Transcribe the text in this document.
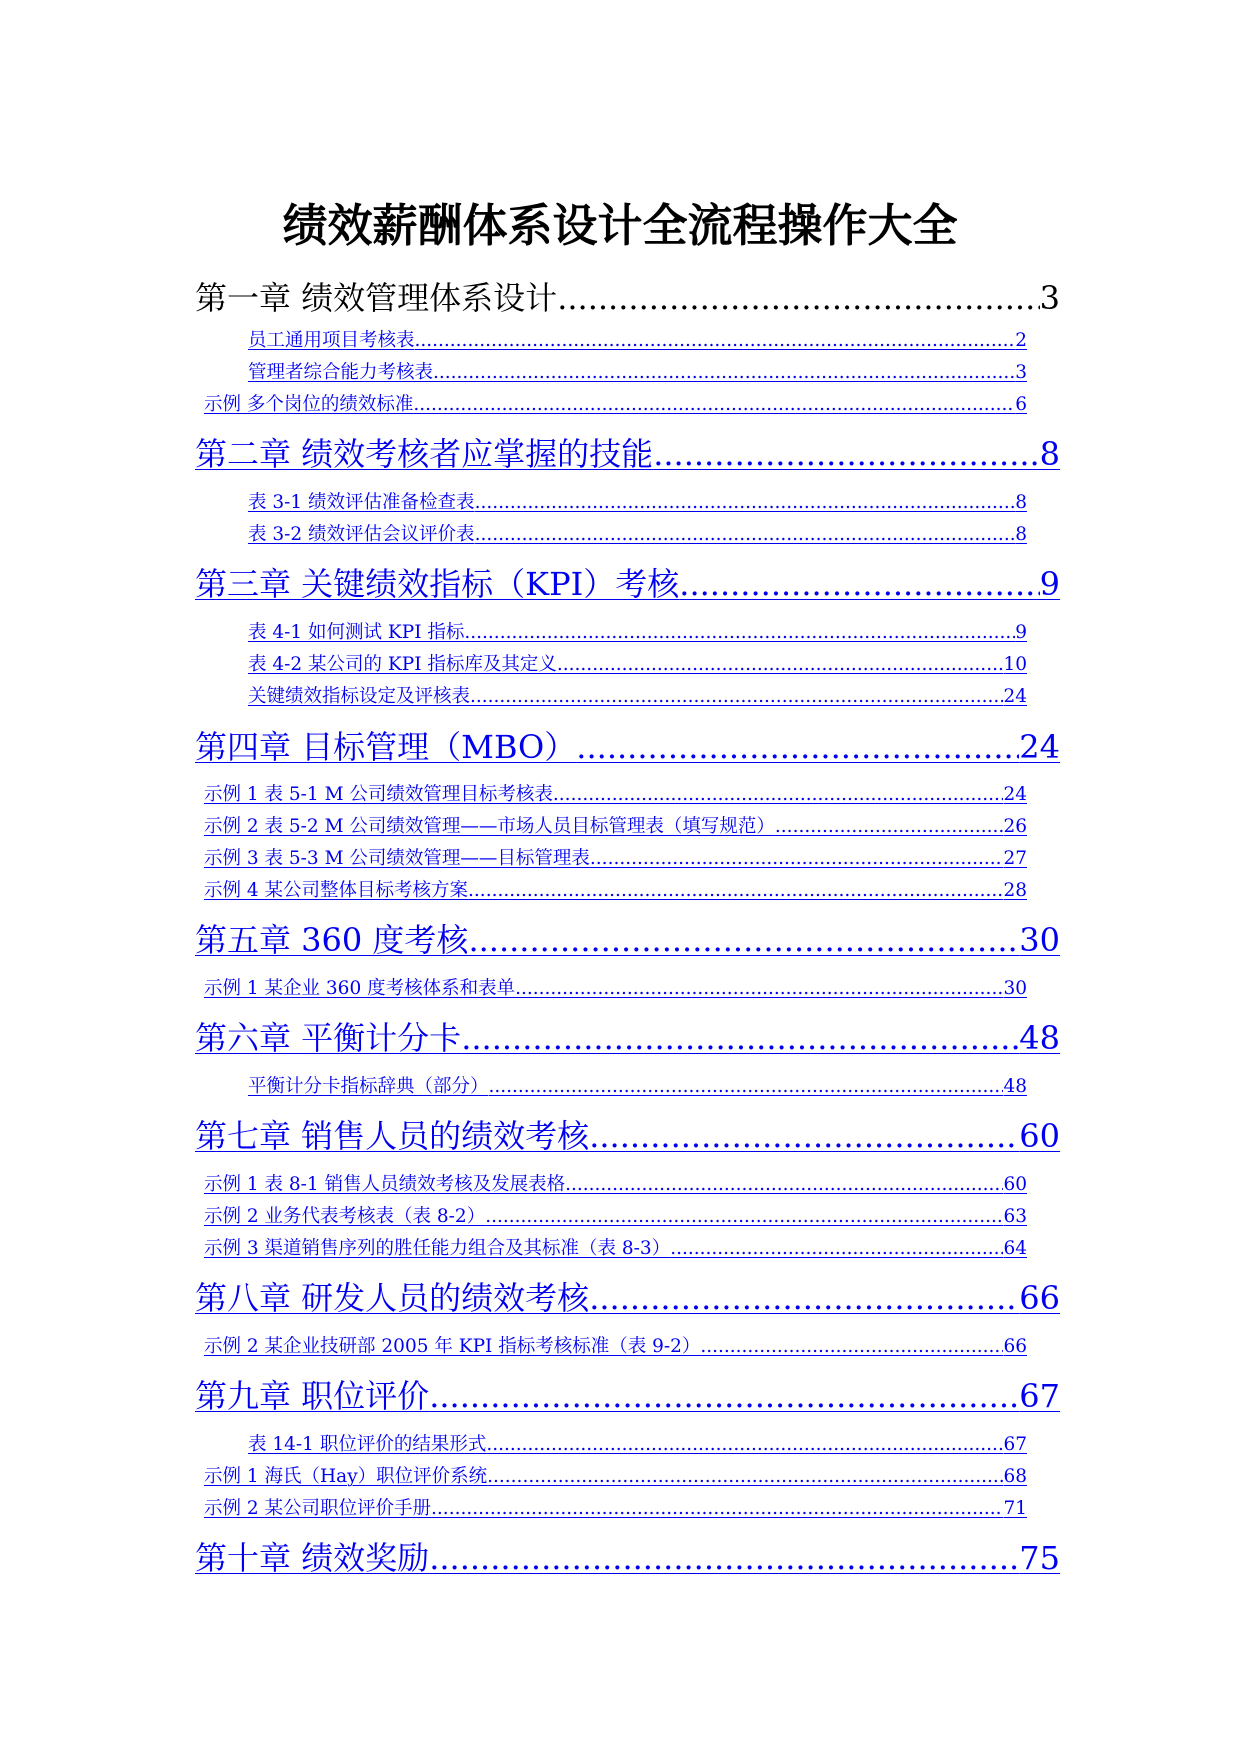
绩效薪酬体系设计全流程操作大全
第一章 绩效管理体系设计 .....	3
员工通用项目考核表 .....	2
管理者综合能力考核表 .....	3
示例 多个岗位的绩效标准 .....	6
第二章 绩效考核者应掌握的技能 .....	8
表 3-1 绩效评估准备检查表 .....	8
表 3-2 绩效评估会议评价表 .....	8
第三章 关键绩效指标（KPI）考核 .....	9
表 4-1 如何测试 KPI 指标 .....	9
表 4-2 某公司的 KPI 指标库及其定义 .....	10
关键绩效指标设定及评核表 .....	24
第四章 目标管理（MBO） .....	24
示例 1 表 5-1 M 公司绩效管理目标考核表 .....	24
示例 2 表 5-2 M 公司绩效管理——市场人员目标管理表（填写规范） .....	26
示例 3 表 5-3 M 公司绩效管理——目标管理表 .....	27
示例 4 某公司整体目标考核方案 .....	28
第五章 360 度考核 .....	30
示例 1 某企业 360 度考核体系和表单 .....	30
第六章 平衡计分卡 .....	48
平衡计分卡指标辞典（部分） .....	48
第七章 销售人员的绩效考核 .....	60
示例 1 表 8-1 销售人员绩效考核及发展表格 .....	60
示例 2 业务代表考核表（表 8-2） .....	63
示例 3 渠道销售序列的胜任能力组合及其标准（表 8-3） .....	64
第八章 研发人员的绩效考核 .....	66
示例 2 某企业技研部 2005 年 KPI 指标考核标准（表 9-2） .....	66
第九章 职位评价 .....	67
表 14-1 职位评价的结果形式 .....	67
示例 1 海氏（Hay）职位评价系统 .....	68
示例 2 某公司职位评价手册 .....	71
第十章 绩效奖励 .....	75
